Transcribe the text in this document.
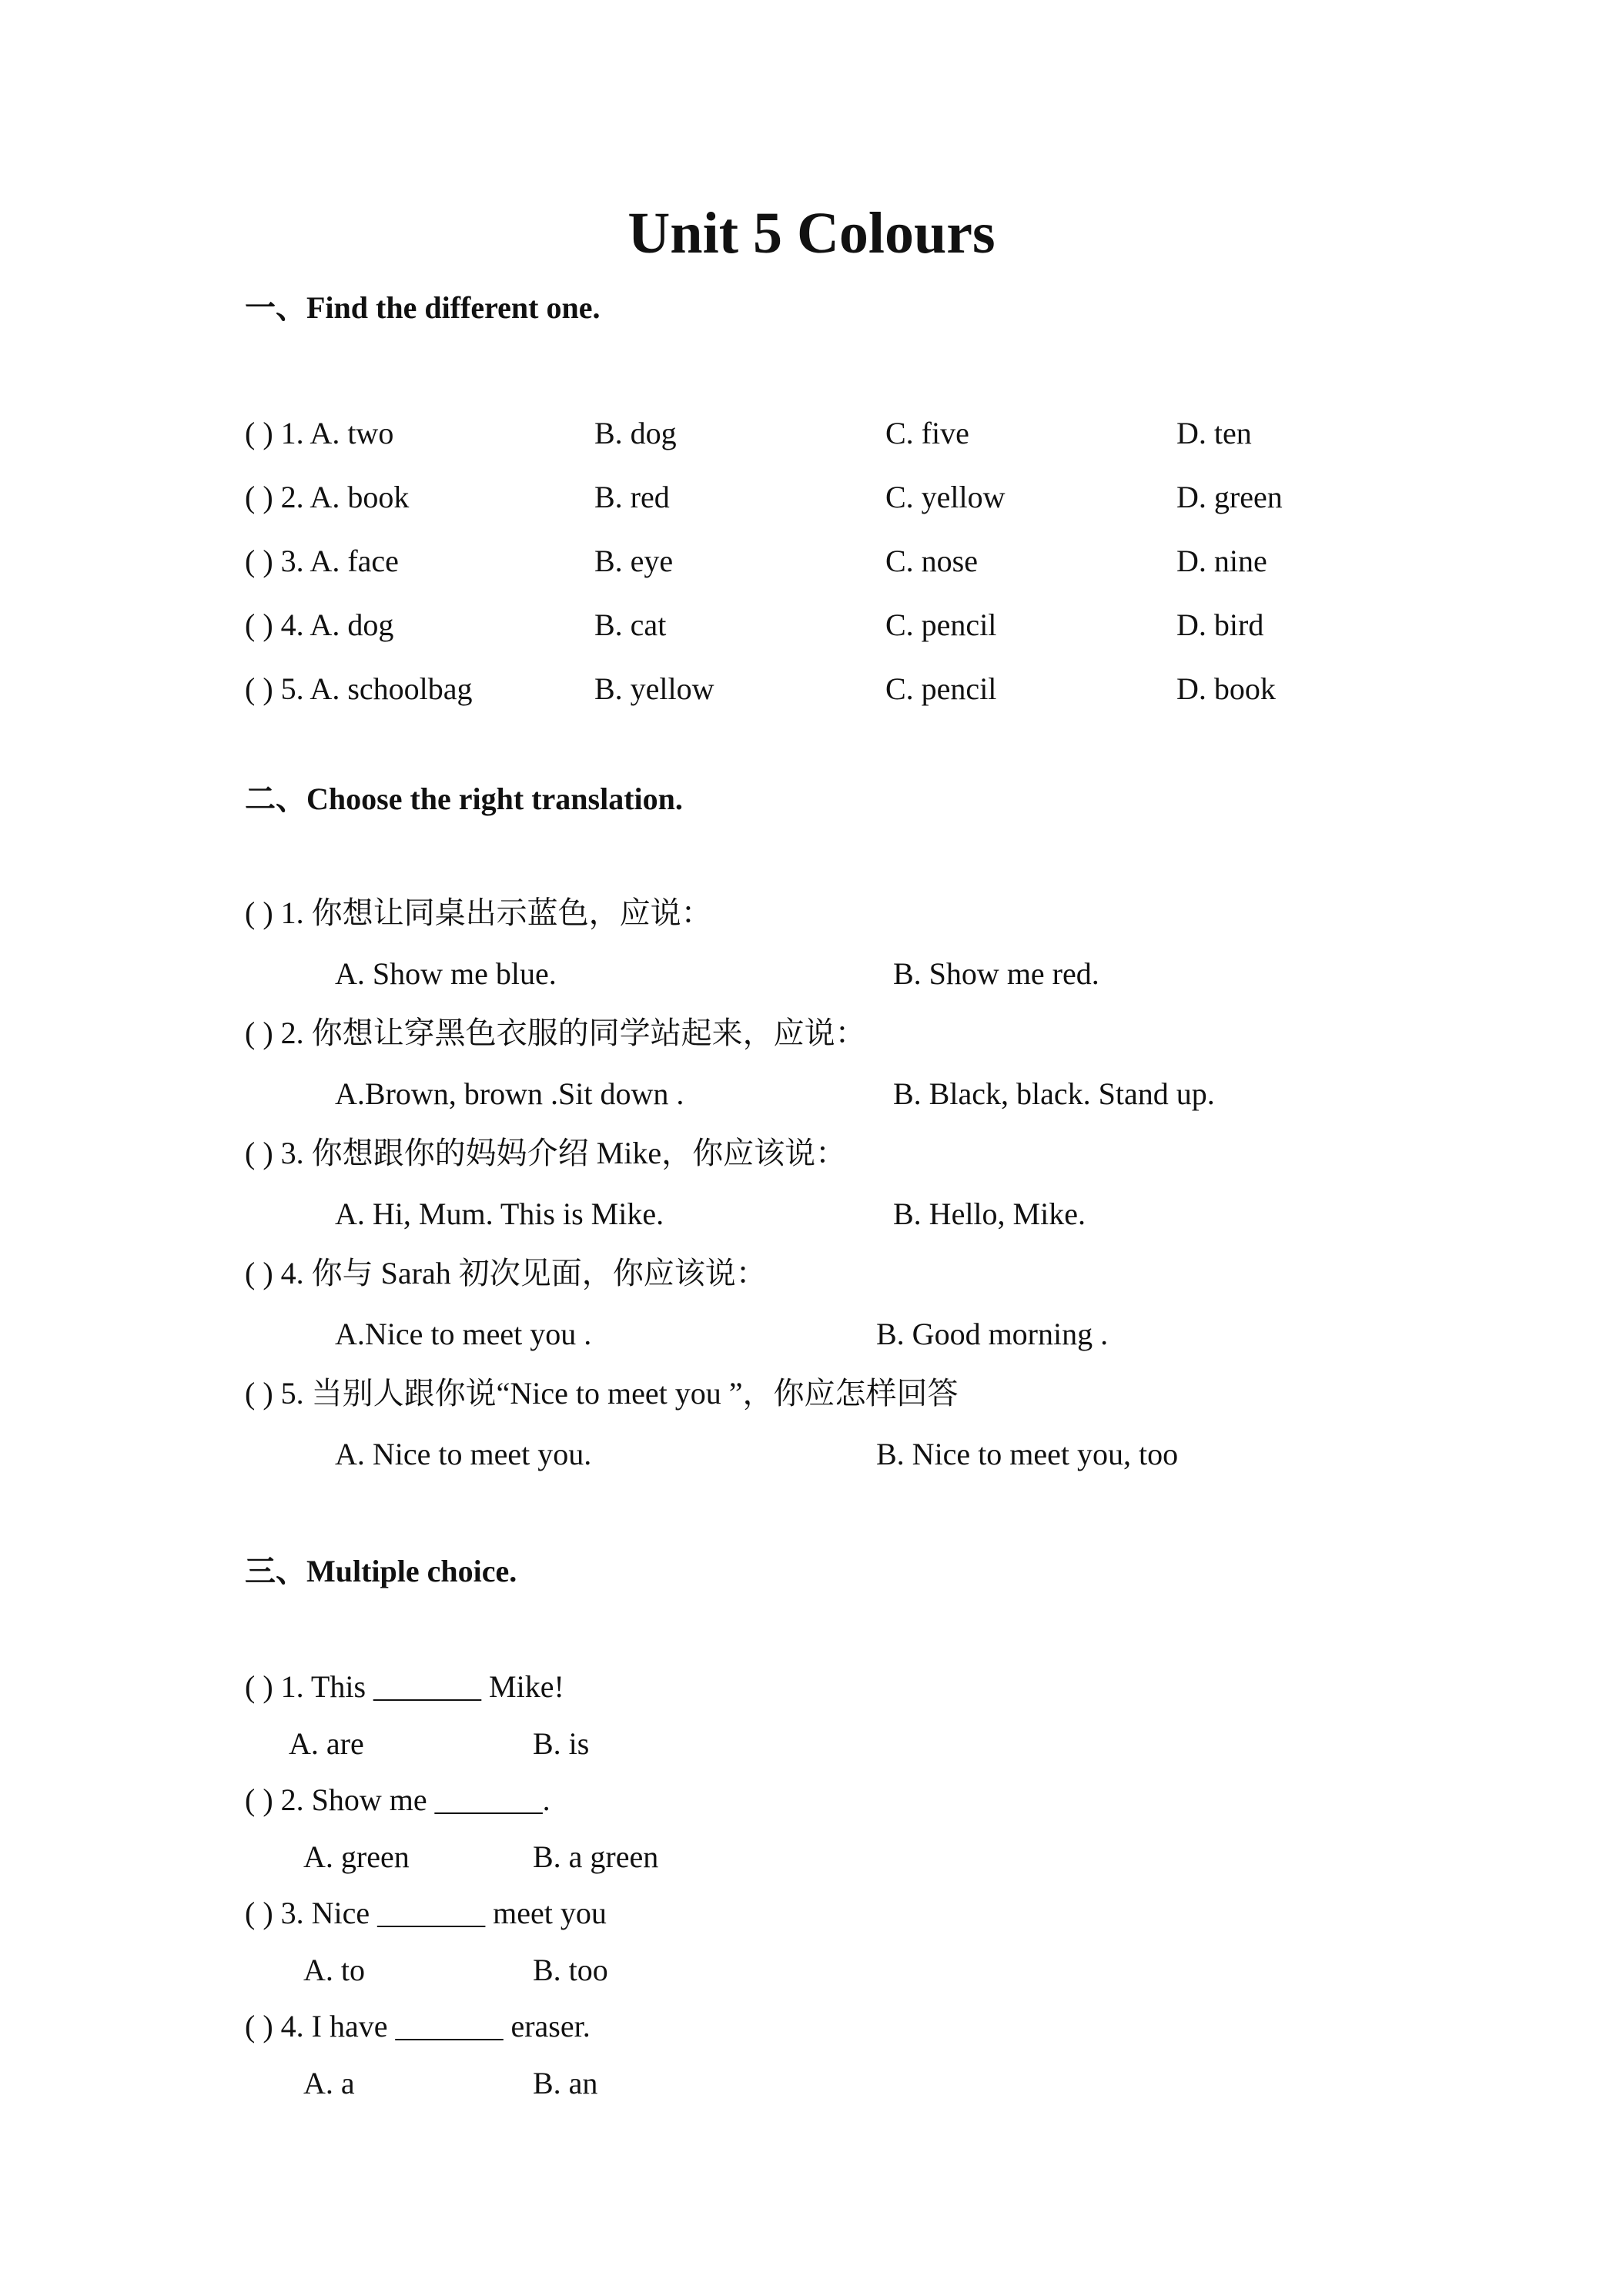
Unit 5 Colours
一、Find the different one.
( ) 1. A. two	B. dog	C. five	D. ten
( ) 2. A. book	B. red	C. yellow	D. green
( ) 3. A. face	B. eye	C. nose	D. nine
( ) 4. A. dog	B. cat	C. pencil	D. bird
( ) 5. A. schoolbag	B. yellow	C. pencil	D. book
二、Choose the right translation.
( ) 1. 你想让同桌出示蓝色，应说：
A. Show me blue.	B. Show me red.
( ) 2. 你想让穿黑色衣服的同学站起来，应说：
A.Brown, brown .Sit down .	B. Black, black. Stand up.
( ) 3. 你想跟你的妈妈介绍 Mike，你应该说：
A. Hi, Mum. This is Mike.	B. Hello, Mike.
( ) 4. 你与 Sarah 初次见面，你应该说：
A.Nice to meet you .	B. Good morning .
( ) 5. 当别人跟你说“Nice to meet you ”，你应怎样回答
A. Nice to meet you.	B. Nice to meet you, too
三、Multiple choice.
( ) 1. This _______ Mike!
A. are	B. is
( ) 2. Show me _______.
A. green	B. a green
( ) 3. Nice _______ meet you
A. to	B. too
( ) 4. I have _______ eraser.
A. a	B. an
